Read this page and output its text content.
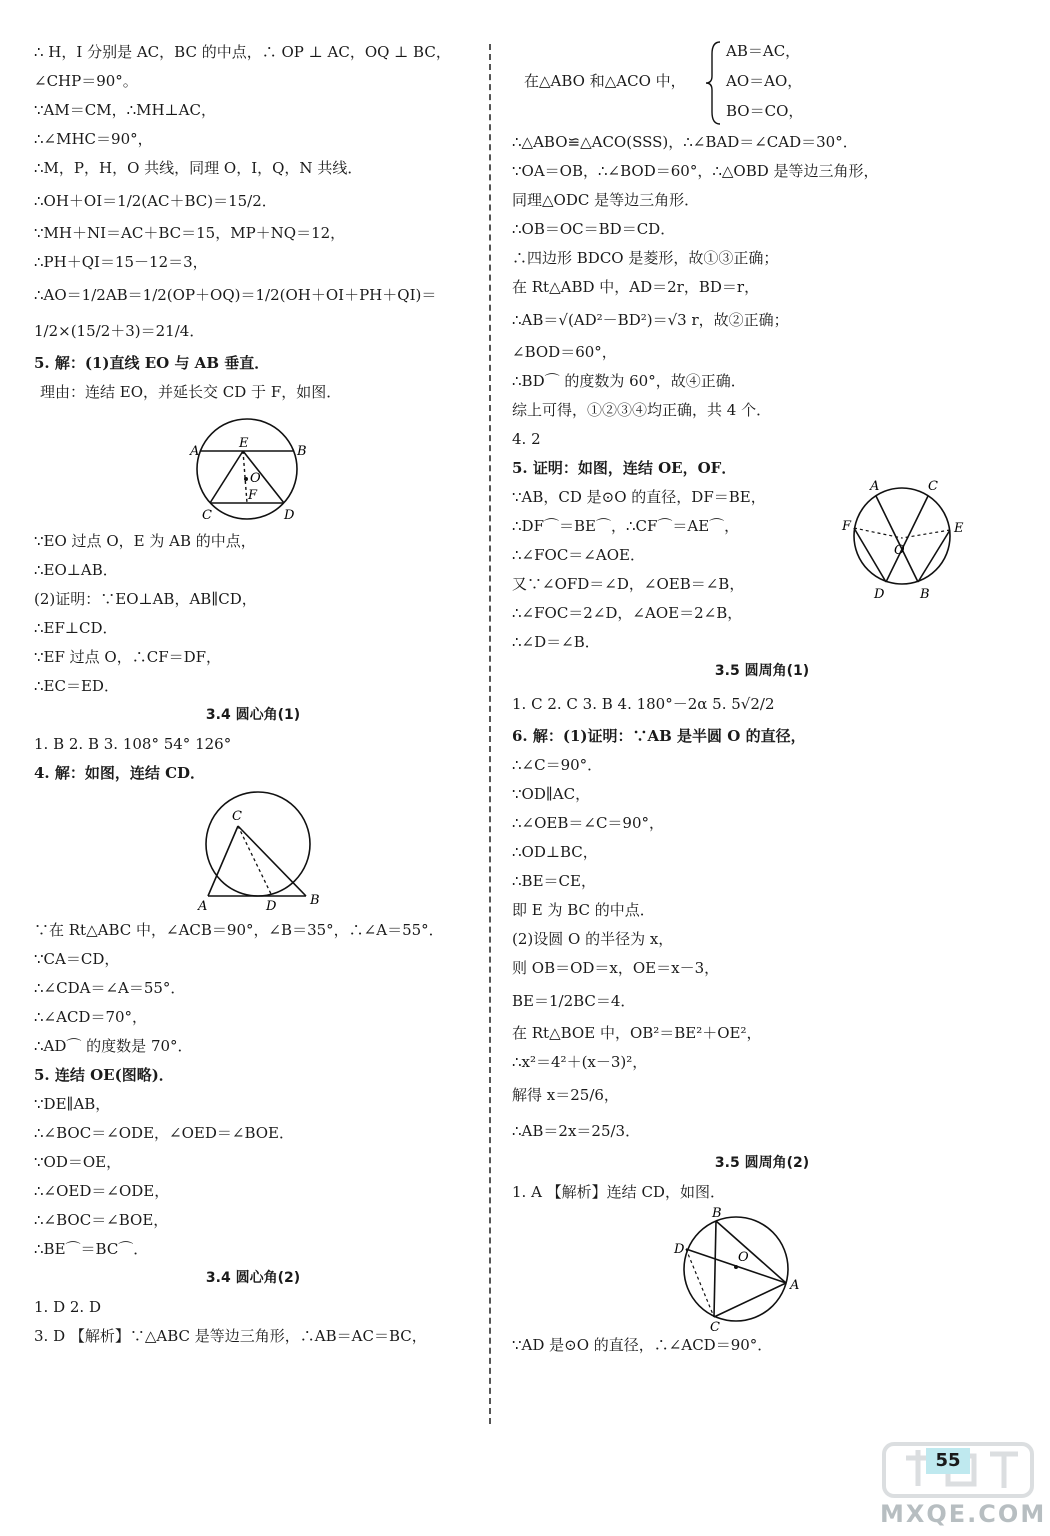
∴ H，I 分别是 AC，BC 的中点，∴ OP ⊥ AC，OQ ⊥ BC，
∠CHP＝90°。
∵AM＝CM，∴MH⊥AC，
∴∠MHC＝90°，
∴M，P，H，O 共线，同理 O，I，Q，N 共线．
∴OH＋OI＝1/2(AC＋BC)＝15/2．
∵MH＋NI＝AC＋BC＝15，MP＋NQ＝12，
∴PH＋QI＝15－12＝3，
∴AO＝1/2AB＝1/2(OP＋OQ)＝1/2(OH＋OI＋PH＋QI)＝
1/2×(15/2＋3)＝21/4．
5. 解：(1)直线 EO 与 AB 垂直．
理由：连结 EO，并延长交 CD 于 F，如图．
A
E
B
O
F
C	D
∵EO 过点 O，E 为 AB 的中点，
∴EO⊥AB．
(2)证明：∵EO⊥AB，AB∥CD，
∴EF⊥CD．
∵EF 过点 O，∴CF＝DF，
∴EC＝ED．
3.4 圆心角(1)
1. B 2. B 3. 108° 54° 126°
4. 解：如图，连结 CD．
C
A	D	B
∵在 Rt△ABC 中，∠ACB＝90°，∠B＝35°，∴∠A＝55°．
∵CA＝CD，
∴∠CDA＝∠A＝55°．
∴∠ACD＝70°，
∴AD⌒ 的度数是 70°．
5. 连结 OE(图略)．
∵DE∥AB，
∴∠BOC＝∠ODE，∠OED＝∠BOE．
∵OD＝OE，
∴∠OED＝∠ODE，
∴∠BOC＝∠BOE，
∴BE⌒＝BC⌒．
3.4 圆心角(2)
1. D 2. D
3. D 【解析】∵△ABC 是等边三角形，∴AB＝AC＝BC，
在△ABO 和△ACO 中，
AB＝AC，
AO＝AO，
BO＝CO，
∴△ABO≌△ACO(SSS)，∴∠BAD＝∠CAD＝30°．
∵OA＝OB，∴∠BOD＝60°，∴△OBD 是等边三角形，
同理△ODC 是等边三角形．
∴OB＝OC＝BD＝CD．
∴四边形 BDCO 是菱形，故①③正确；
在 Rt△ABD 中，AD＝2r，BD＝r，
∴AB＝√(AD²－BD²)＝√3 r，故②正确；
∠BOD＝60°，
∴BD⌒ 的度数为 60°，故④正确．
综上可得，①②③④均正确，共 4 个．
4. 2
5. 证明：如图，连结 OE，OF．
∵AB，CD 是⊙O 的直径，DF＝BE，
∴DF⌒＝BE⌒，∴CF⌒＝AE⌒，
∴∠FOC＝∠AOE．
又∵∠OFD＝∠D，∠OEB＝∠B，
∴∠FOC＝2∠D，∠AOE＝2∠B，
∴∠D＝∠B．
A	C
F	E
O
D	B
3.5 圆周角(1)
1. C 2. C 3. B 4. 180°－2α 5. 5√2/2
6. 解：(1)证明：∵AB 是半圆 O 的直径，
∴∠C＝90°．
∵OD∥AC，
∴∠OEB＝∠C＝90°，
∴OD⊥BC，
∴BE＝CE，
即 E 为 BC 的中点．
(2)设圆 O 的半径为 x，
则 OB＝OD＝x，OE＝x－3，
BE＝1/2BC＝4．
在 Rt△BOE 中，OB²＝BE²＋OE²，
∴x²＝4²＋(x－3)²，
解得 x＝25/6，
∴AB＝2x＝25/3．
3.5 圆周角(2)
1. A 【解析】连结 CD，如图．
B
D
O
A
C
∵AD 是⊙O 的直径，∴∠ACD＝90°．
55
MXQE.COM
